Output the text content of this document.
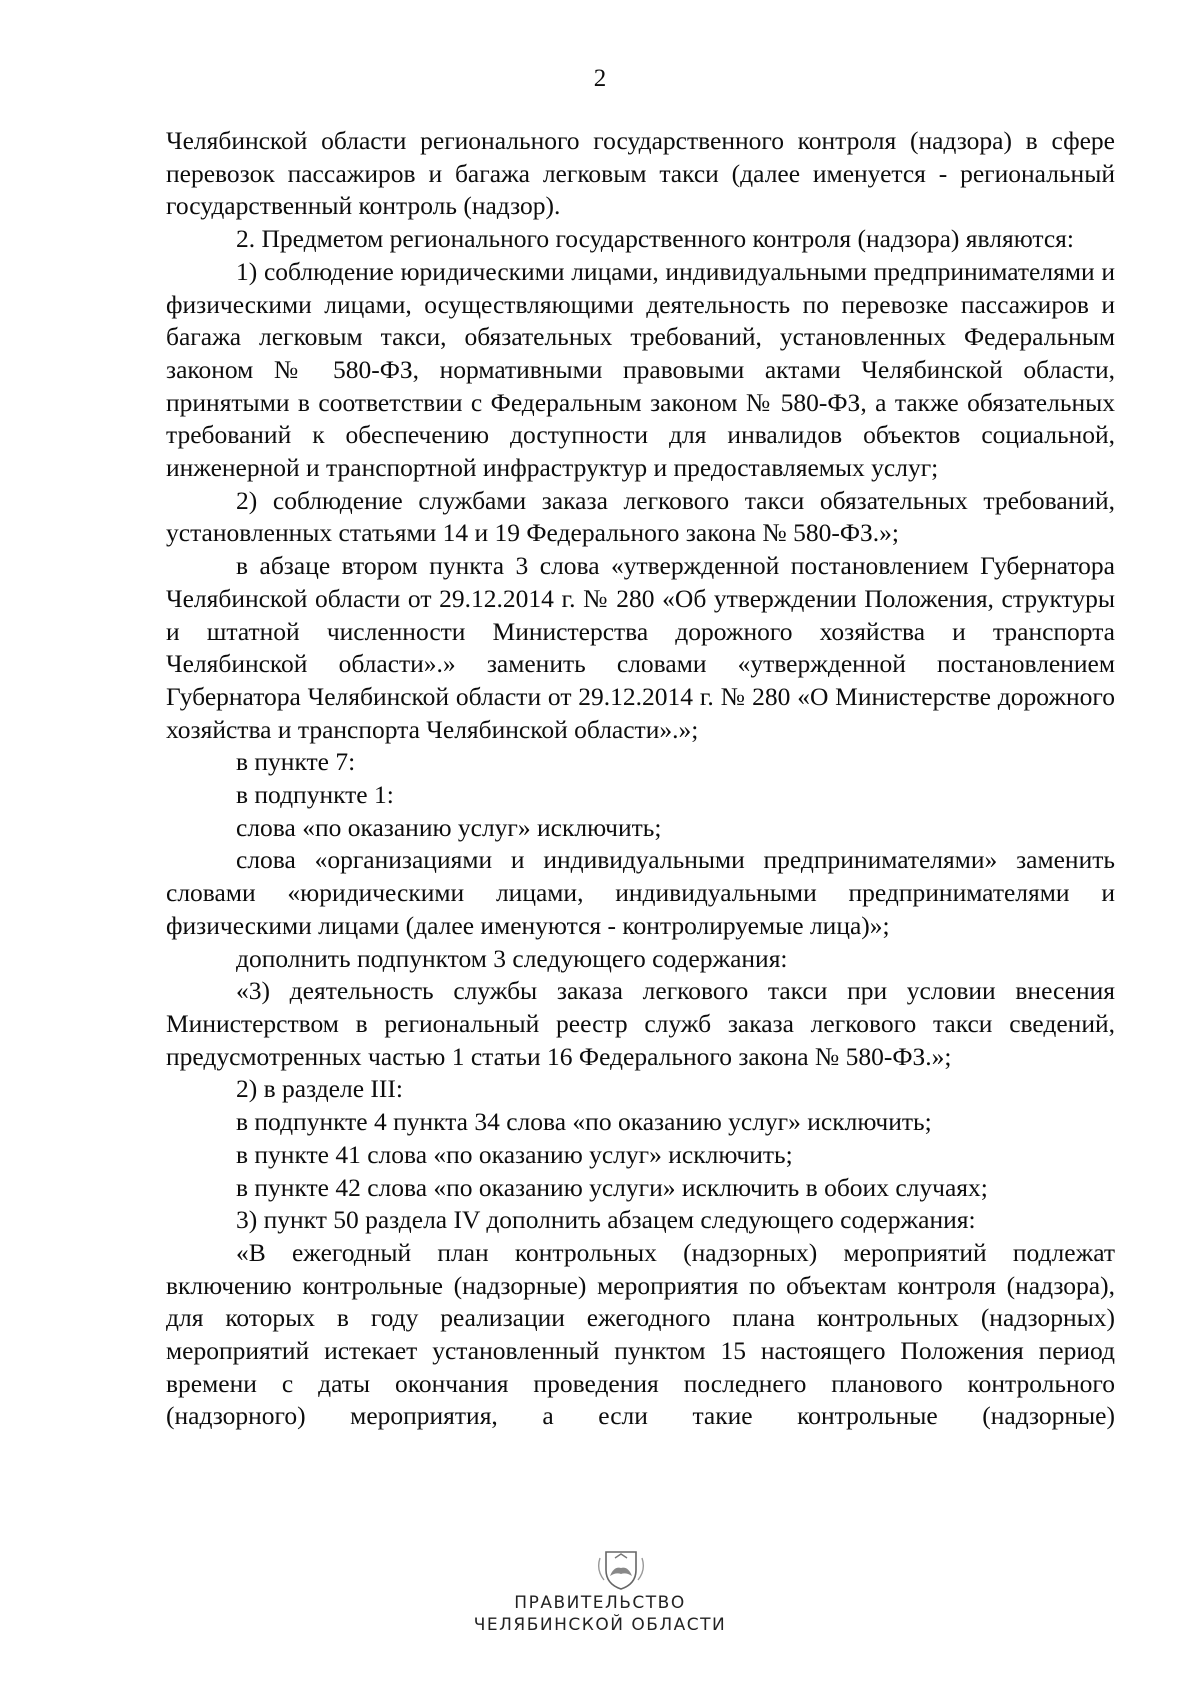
2

Челябинской области регионального государственного контроля (надзора) в сфере перевозок пассажиров и багажа легковым такси (далее именуется - региональный государственный контроль (надзор).

2. Предметом регионального государственного контроля (надзора) являются:

1) соблюдение юридическими лицами, индивидуальными предпринимателями и физическими лицами, осуществляющими деятельность по перевозке пассажиров и багажа легковым такси, обязательных требований, установленных Федеральным законом № 580-ФЗ, нормативными правовыми актами Челябинской области, принятыми в соответствии с Федеральным законом № 580-ФЗ, а также обязательных требований к обеспечению доступности для инвалидов объектов социальной, инженерной и транспортной инфраструктур и предоставляемых услуг;

2) соблюдение службами заказа легкового такси обязательных требований, установленных статьями 14 и 19 Федерального закона № 580-ФЗ.»;

в абзаце втором пункта 3 слова «утвержденной постановлением Губернатора Челябинской области от 29.12.2014 г. № 280 «Об утверждении Положения, структуры и штатной численности Министерства дорожного хозяйства и транспорта Челябинской области».» заменить словами «утвержденной постановлением Губернатора Челябинской области от 29.12.2014 г. № 280 «О Министерстве дорожного хозяйства и транспорта Челябинской области».»;

в пункте 7:

в подпункте 1:

слова «по оказанию услуг» исключить;

слова «организациями и индивидуальными предпринимателями» заменить словами «юридическими лицами, индивидуальными предпринимателями и физическими лицами (далее именуются - контролируемые лица)»;

дополнить подпунктом 3 следующего содержания:

«3) деятельность службы заказа легкового такси при условии внесения Министерством в региональный реестр служб заказа легкового такси сведений, предусмотренных частью 1 статьи 16 Федерального закона № 580-ФЗ.»;

2) в разделе III:

в подпункте 4 пункта 34 слова «по оказанию услуг» исключить;

в пункте 41 слова «по оказанию услуг» исключить;

в пункте 42 слова «по оказанию услуги» исключить в обоих случаях;

3) пункт 50 раздела IV дополнить абзацем следующего содержания:

«В ежегодный план контрольных (надзорных) мероприятий подлежат включению контрольные (надзорные) мероприятия по объектам контроля (надзора), для которых в году реализации ежегодного плана контрольных (надзорных) мероприятий истекает установленный пунктом 15 настоящего Положения период времени с даты окончания проведения последнего планового контрольного (надзорного) мероприятия, а если такие контрольные (надзорные)

ПРАВИТЕЛЬСТВО
ЧЕЛЯБИНСКОЙ ОБЛАСТИ
